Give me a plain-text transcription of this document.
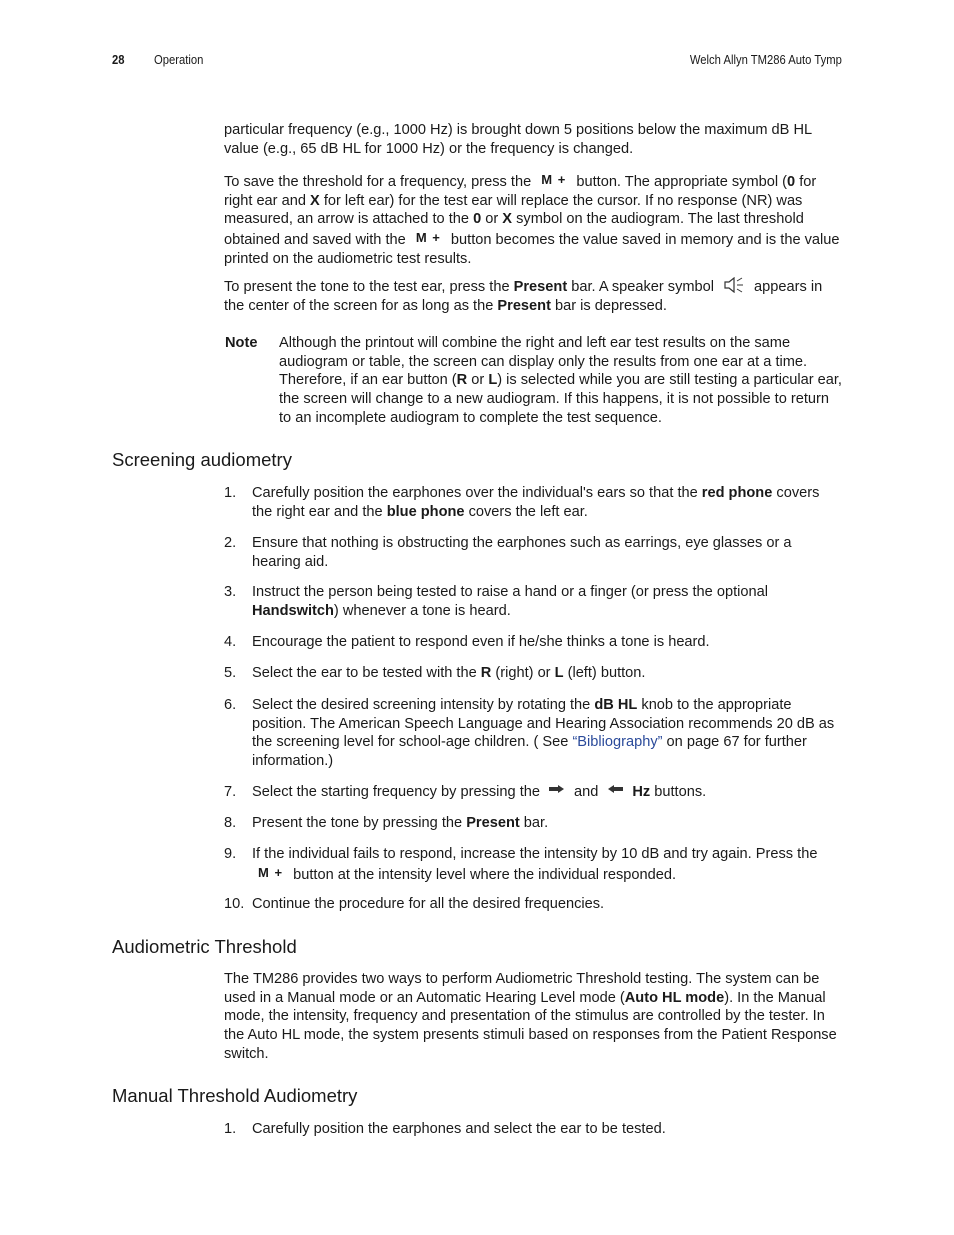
28 Operation	Welch Allyn TM286 Auto Tymp

particular frequency (e.g., 1000 Hz) is brought down 5 positions below the maximum dB HL value (e.g., 65 dB HL for 1000 Hz) or the frequency is changed.

To save the threshold for a frequency, press the M + button. The appropriate symbol (0 for right ear and X for left ear) for the test ear will replace the cursor. If no response (NR) was measured, an arrow is attached to the 0 or X symbol on the audiogram. The last threshold obtained and saved with the M + button becomes the value saved in memory and is the value printed on the audiometric test results.

To present the tone to the test ear, press the Present bar. A speaker symbol	appears in the center of the screen for as long as the Present bar is depressed.

Note Although the printout will combine the right and left ear test results on the same audiogram or table, the screen can display only the results from one ear at a time. Therefore, if an ear button (R or L) is selected while you are still testing a particular ear, the screen will change to a new audiogram. If this happens, it is not possible to return to an incomplete audiogram to complete the test sequence.

Screening audiometry
1. Carefully position the earphones over the individual's ears so that the red phone covers the right ear and the blue phone covers the left ear.

2. Ensure that nothing is obstructing the earphones such as earrings, eye glasses or a hearing aid.

3. Instruct the person being tested to raise a hand or a finger (or press the optional Handswitch) whenever a tone is heard.

4. Encourage the patient to respond even if he/she thinks a tone is heard.

5. Select the ear to be tested with the R (right) or L (left) button.

6. Select the desired screening intensity by rotating the dB HL knob to the appropriate position. The American Speech Language and Hearing Association recommends 20 dB as the screening level for school-age children. ( See “Bibliography” on page 67 for further information.)

7. Select the starting frequency by pressing the and Hz buttons.

8. Present the tone by pressing the Present bar.

9. If the individual fails to respond, increase the intensity by 10 dB and try again. Press the M + button at the intensity level where the individual responded.

10. Continue the procedure for all the desired frequencies.

Audiometric Threshold

The TM286 provides two ways to perform Audiometric Threshold testing. The system can be used in a Manual mode or an Automatic Hearing Level mode (Auto HL mode). In the Manual mode, the intensity, frequency and presentation of the stimulus are controlled by the tester. In the Auto HL mode, the system presents stimuli based on responses from the Patient Response switch.

Manual Threshold Audiometry
1. Carefully position the earphones and select the ear to be tested.
